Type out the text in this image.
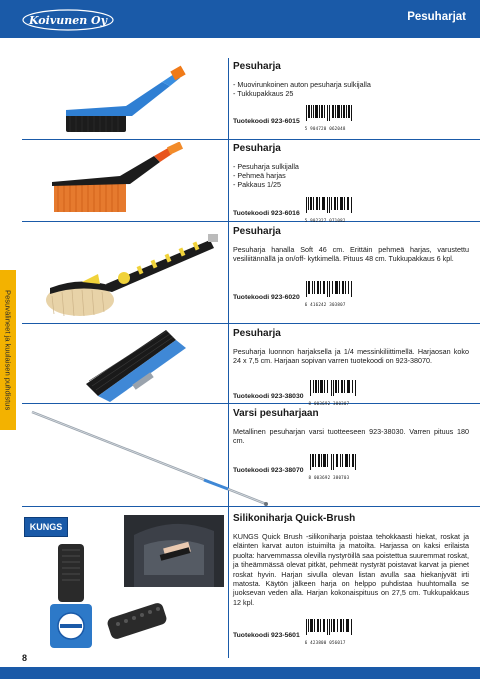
Koivunen Oy	Pesuharjat
Pesuvälineet ja kuulaisen puhdistus
KUNGS
Pesuharja
- Muovirunkoinen auton pesuharja sulkijalla
- Tukkupakkaus 25
Tuotekoodi 923-6015
5 904720 062048
Pesuharja
- Pesuharja sulkijalla
- Pehmeä harjas
- Pakkaus 1/25
Tuotekoodi 923-6016
5 902327 071082
Pesuharja

Pesuharja hanalla Soft 46 cm. Erittäin pehmeä harjas, varustettu vesiliitännällä ja on/off- kytkimellä. Pituus 48 cm. Tukkupakkaus 6 kpl.

Tuotekoodi 923-6020
6 416242 303807
Pesuharja

Pesuharja luonnon harjaksella ja 1/4 messinkiliittimellä. Harjaosan koko 24 x 7,5 cm. Harjaan sopivan varren tuotekoodi on 923-38070.

Tuotekoodi 923-38030
8 003692 380307
Varsi pesuharjaan

Metallinen pesuharjan varsi tuotteeseen 923-38030. Varren pituus 180 cm.

Tuotekoodi 923-38070
8 003692 380703
Silikoniharja Quick-Brush

KUNGS Quick Brush -silikoniharja poistaa tehokkaasti hiekat, roskat ja eläinten karvat auton istuimilta ja matoilta. Harjassa on kaksi erilaista puolta: harvemmassa olevilla nystyröillä saa poistettua suuremmat roskat, ja tiheämmässä olevat pitkät, pehmeät nystyrät poistavat karvat ja pienet roskat hyvin. Harjan sivulla olevan listan avulla saa hiekanjyvät irti matosta. Käytön jälkeen harja on helppo puhdistaa huuhtomalla se juoksevan veden alla. Harjan kokonaispituus on 27,5 cm. Tukkupakkaus 12 kpl.

Tuotekoodi 923-5601
6 423800 056017
8
